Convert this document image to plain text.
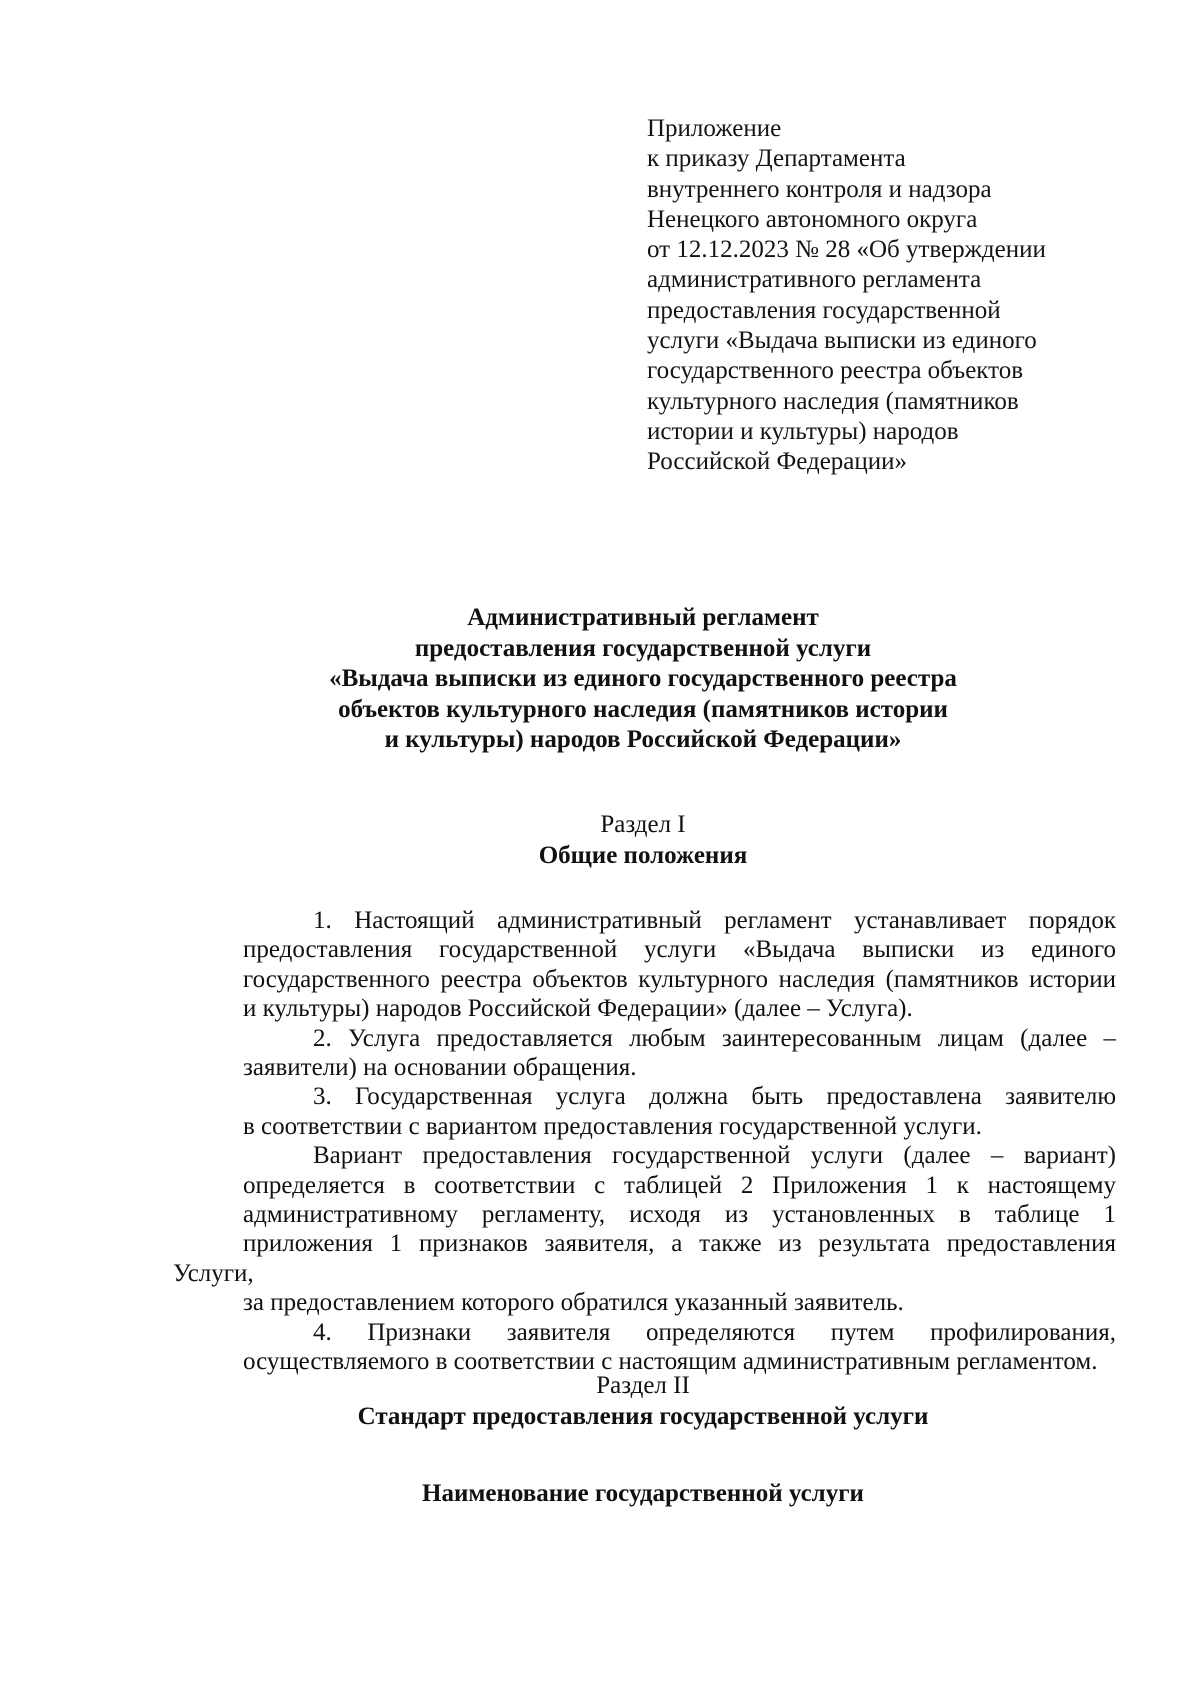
Приложение
к приказу Департамента
внутреннего контроля и надзора
Ненецкого автономного округа
от 12.12.2023 № 28 «Об утверждении
административного регламента
предоставления государственной
услуги «Выдача выписки из единого
государственного реестра объектов
культурного наследия (памятников
истории и культуры) народов
Российской Федерации»
Административный регламент
предоставления государственной услуги
«Выдача выписки из единого государственного реестра
объектов культурного наследия (памятников истории
и культуры) народов Российской Федерации»
Раздел I
Общие положения
1. Настоящий административный регламент устанавливает порядок
предоставления государственной услуги «Выдача выписки из единого
государственного реестра объектов культурного наследия (памятников истории
и культуры) народов Российской Федерации» (далее – Услуга).
2. Услуга предоставляется любым заинтересованным лицам (далее –
заявители) на основании обращения.
3. Государственная услуга должна быть предоставлена заявителю
в соответствии с вариантом предоставления государственной услуги.
Вариант предоставления государственной услуги (далее – вариант)
определяется в соответствии с таблицей 2 Приложения 1 к настоящему
административному регламенту, исходя из установленных в таблице 1
приложения 1 признаков заявителя, а также из результата предоставления Услуги,
за предоставлением которого обратился указанный заявитель.
4. Признаки заявителя определяются путем профилирования,
осуществляемого в соответствии с настоящим административным регламентом.
Раздел II
Стандарт предоставления государственной услуги
Наименование государственной услуги
